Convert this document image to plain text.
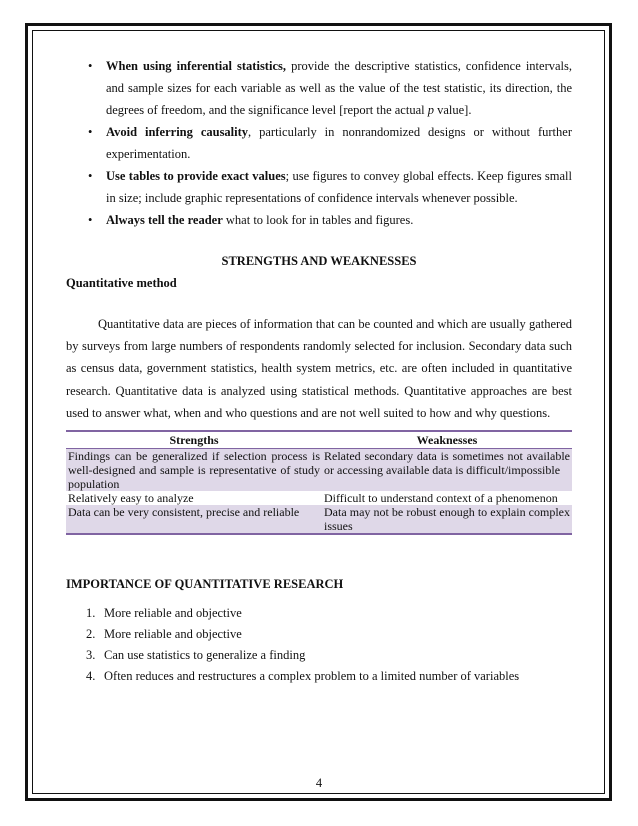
• When using inferential statistics, provide the descriptive statistics, confidence intervals, and sample sizes for each variable as well as the value of the test statistic, its direction, the degrees of freedom, and the significance level [report the actual p value].
• Avoid inferring causality, particularly in nonrandomized designs or without further experimentation.
• Use tables to provide exact values; use figures to convey global effects. Keep figures small in size; include graphic representations of confidence intervals whenever possible.
• Always tell the reader what to look for in tables and figures.
STRENGTHS AND WEAKNESSES
Quantitative method

Quantitative data are pieces of information that can be counted and which are usually gathered by surveys from large numbers of respondents randomly selected for inclusion. Secondary data such as census data, government statistics, health system metrics, etc. are often included in quantitative research. Quantitative data is analyzed using statistical methods. Quantitative approaches are best used to answer what, when and who questions and are not well suited to how and why questions.

Strengths	Weaknesses
Findings can be generalized if selection process is well-designed and sample is representative of study population	Related secondary data is sometimes not available or accessing available data is difficult/impossible
Relatively easy to analyze	Difficult to understand context of a phenomenon
Data can be very consistent, precise and reliable	Data may not be robust enough to explain complex issues
IMPORTANCE OF QUANTITATIVE RESEARCH
1. More reliable and objective
2. More reliable and objective
3. Can use statistics to generalize a finding
4. Often reduces and restructures a complex problem to a limited number of variables
4
